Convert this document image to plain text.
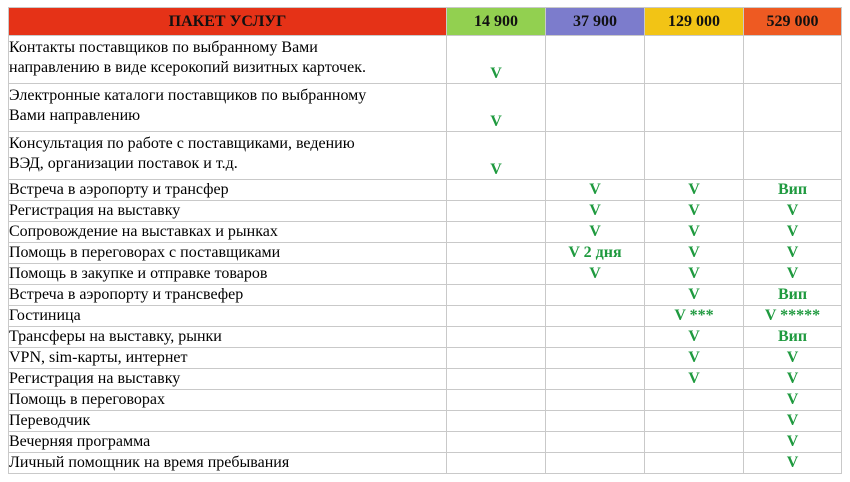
ПАКЕТ УСЛУГ	14 900	37 900	129 000	529 000

Контакты поставщиков по выбранному Вами
направлению в виде ксерокопий визитных карточек.	V			

Электронные каталоги поставщиков по выбранному
Вами направлению	V			

Консультация по работе с поставщиками, ведению
ВЭД, организации поставок и т.д.	V			

Встреча в аэропорту и трансфер		V	V	Вип

Регистрация на выставку		V	V	V

Сопровождение на выставках и рынках		V	V	V

Помощь в переговорах с поставщиками		V 2 дня	V	V

Помощь в закупке и отправке товаров		V	V	V

Встреча в аэропорту и трансвефер			V	Вип

Гостиница			V ***	V *****

Трансферы на выставку, рынки			V	Вип

VPN, sim-карты, интернет			V	V

Регистрация на выставку			V	V

Помощь в переговорах				V

Переводчик				V

Вечерняя программа				V

Личный помощник на время пребывания				V
